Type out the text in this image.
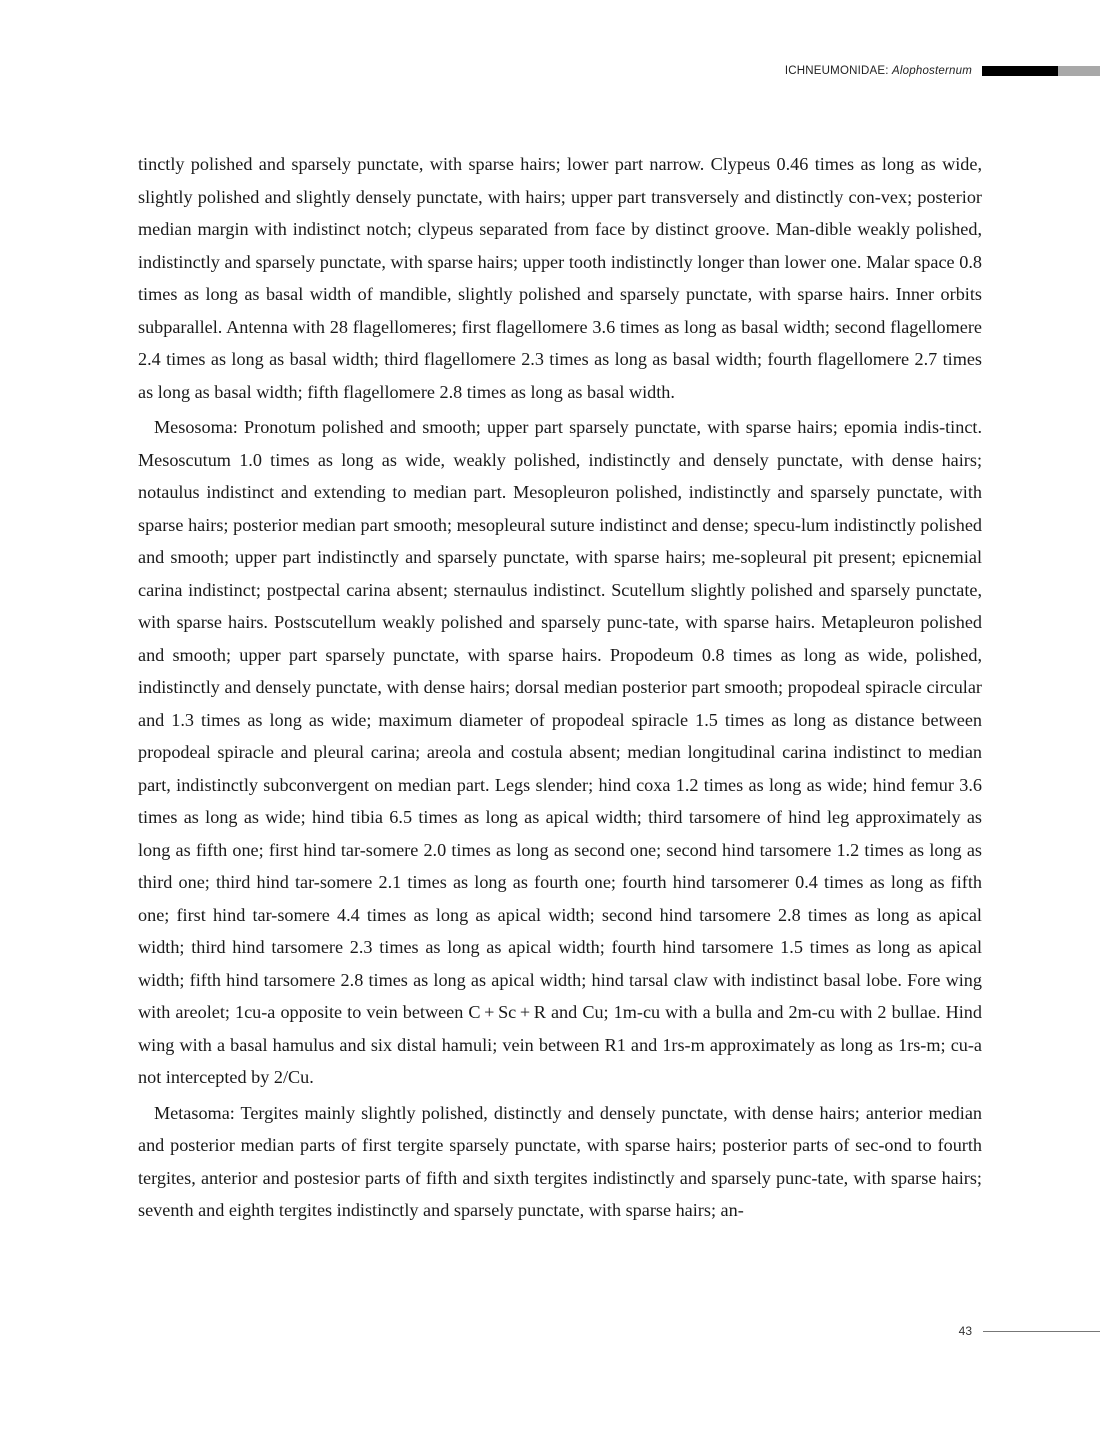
ICHNEUMONIDAE: Alophosternum

tinctly polished and sparsely punctate, with sparse hairs; lower part narrow. Clypeus 0.46 times as long as wide, slightly polished and slightly densely punctate, with hairs; upper part transversely and distinctly con-vex; posterior median margin with indistinct notch; clypeus separated from face by distinct groove. Man-dible weakly polished, indistinctly and sparsely punctate, with sparse hairs; upper tooth indistinctly longer than lower one. Malar space 0.8 times as long as basal width of mandible, slightly polished and sparsely punctate, with sparse hairs. Inner orbits subparallel. Antenna with 28 flagellomeres; first flagellomere 3.6 times as long as basal width; second flagellomere 2.4 times as long as basal width; third flagellomere 2.3 times as long as basal width; fourth flagellomere 2.7 times as long as basal width; fifth flagellomere 2.8 times as long as basal width.

Mesosoma: Pronotum polished and smooth; upper part sparsely punctate, with sparse hairs; epomia indis-tinct. Mesoscutum 1.0 times as long as wide, weakly polished, indistinctly and densely punctate, with dense hairs; notaulus indistinct and extending to median part. Mesopleuron polished, indistinctly and sparsely punctate, with sparse hairs; posterior median part smooth; mesopleural suture indistinct and dense; specu-lum indistinctly polished and smooth; upper part indistinctly and sparsely punctate, with sparse hairs; me-sopleural pit present; epicnemial carina indistinct; postpectal carina absent; sternaulus indistinct. Scutellum slightly polished and sparsely punctate, with sparse hairs. Postscutellum weakly polished and sparsely punc-tate, with sparse hairs. Metapleuron polished and smooth; upper part sparsely punctate, with sparse hairs. Propodeum 0.8 times as long as wide, polished, indistinctly and densely punctate, with dense hairs; dorsal median posterior part smooth; propodeal spiracle circular and 1.3 times as long as wide; maximum diameter of propodeal spiracle 1.5 times as long as distance between propodeal spiracle and pleural carina; areola and costula absent; median longitudinal carina indistinct to median part, indistinctly subconvergent on median part. Legs slender; hind coxa 1.2 times as long as wide; hind femur 3.6 times as long as wide; hind tibia 6.5 times as long as apical width; third tarsomere of hind leg approximately as long as fifth one; first hind tar-somere 2.0 times as long as second one; second hind tarsomere 1.2 times as long as third one; third hind tar-somere 2.1 times as long as fourth one; fourth hind tarsomerer 0.4 times as long as fifth one; first hind tar-somere 4.4 times as long as apical width; second hind tarsomere 2.8 times as long as apical width; third hind tarsomere 2.3 times as long as apical width; fourth hind tarsomere 1.5 times as long as apical width; fifth hind tarsomere 2.8 times as long as apical width; hind tarsal claw with indistinct basal lobe. Fore wing with areolet; 1cu-a opposite to vein between C + Sc + R and Cu; 1m-cu with a bulla and 2m-cu with 2 bullae. Hind wing with a basal hamulus and six distal hamuli; vein between R1 and 1rs-m approximately as long as 1rs-m; cu-a not intercepted by 2/Cu.

Metasoma: Tergites mainly slightly polished, distinctly and densely punctate, with dense hairs; anterior median and posterior median parts of first tergite sparsely punctate, with sparse hairs; posterior parts of sec-ond to fourth tergites, anterior and postesior parts of fifth and sixth tergites indistinctly and sparsely punc-tate, with sparse hairs; seventh and eighth tergites indistinctly and sparsely punctate, with sparse hairs; an-

43
